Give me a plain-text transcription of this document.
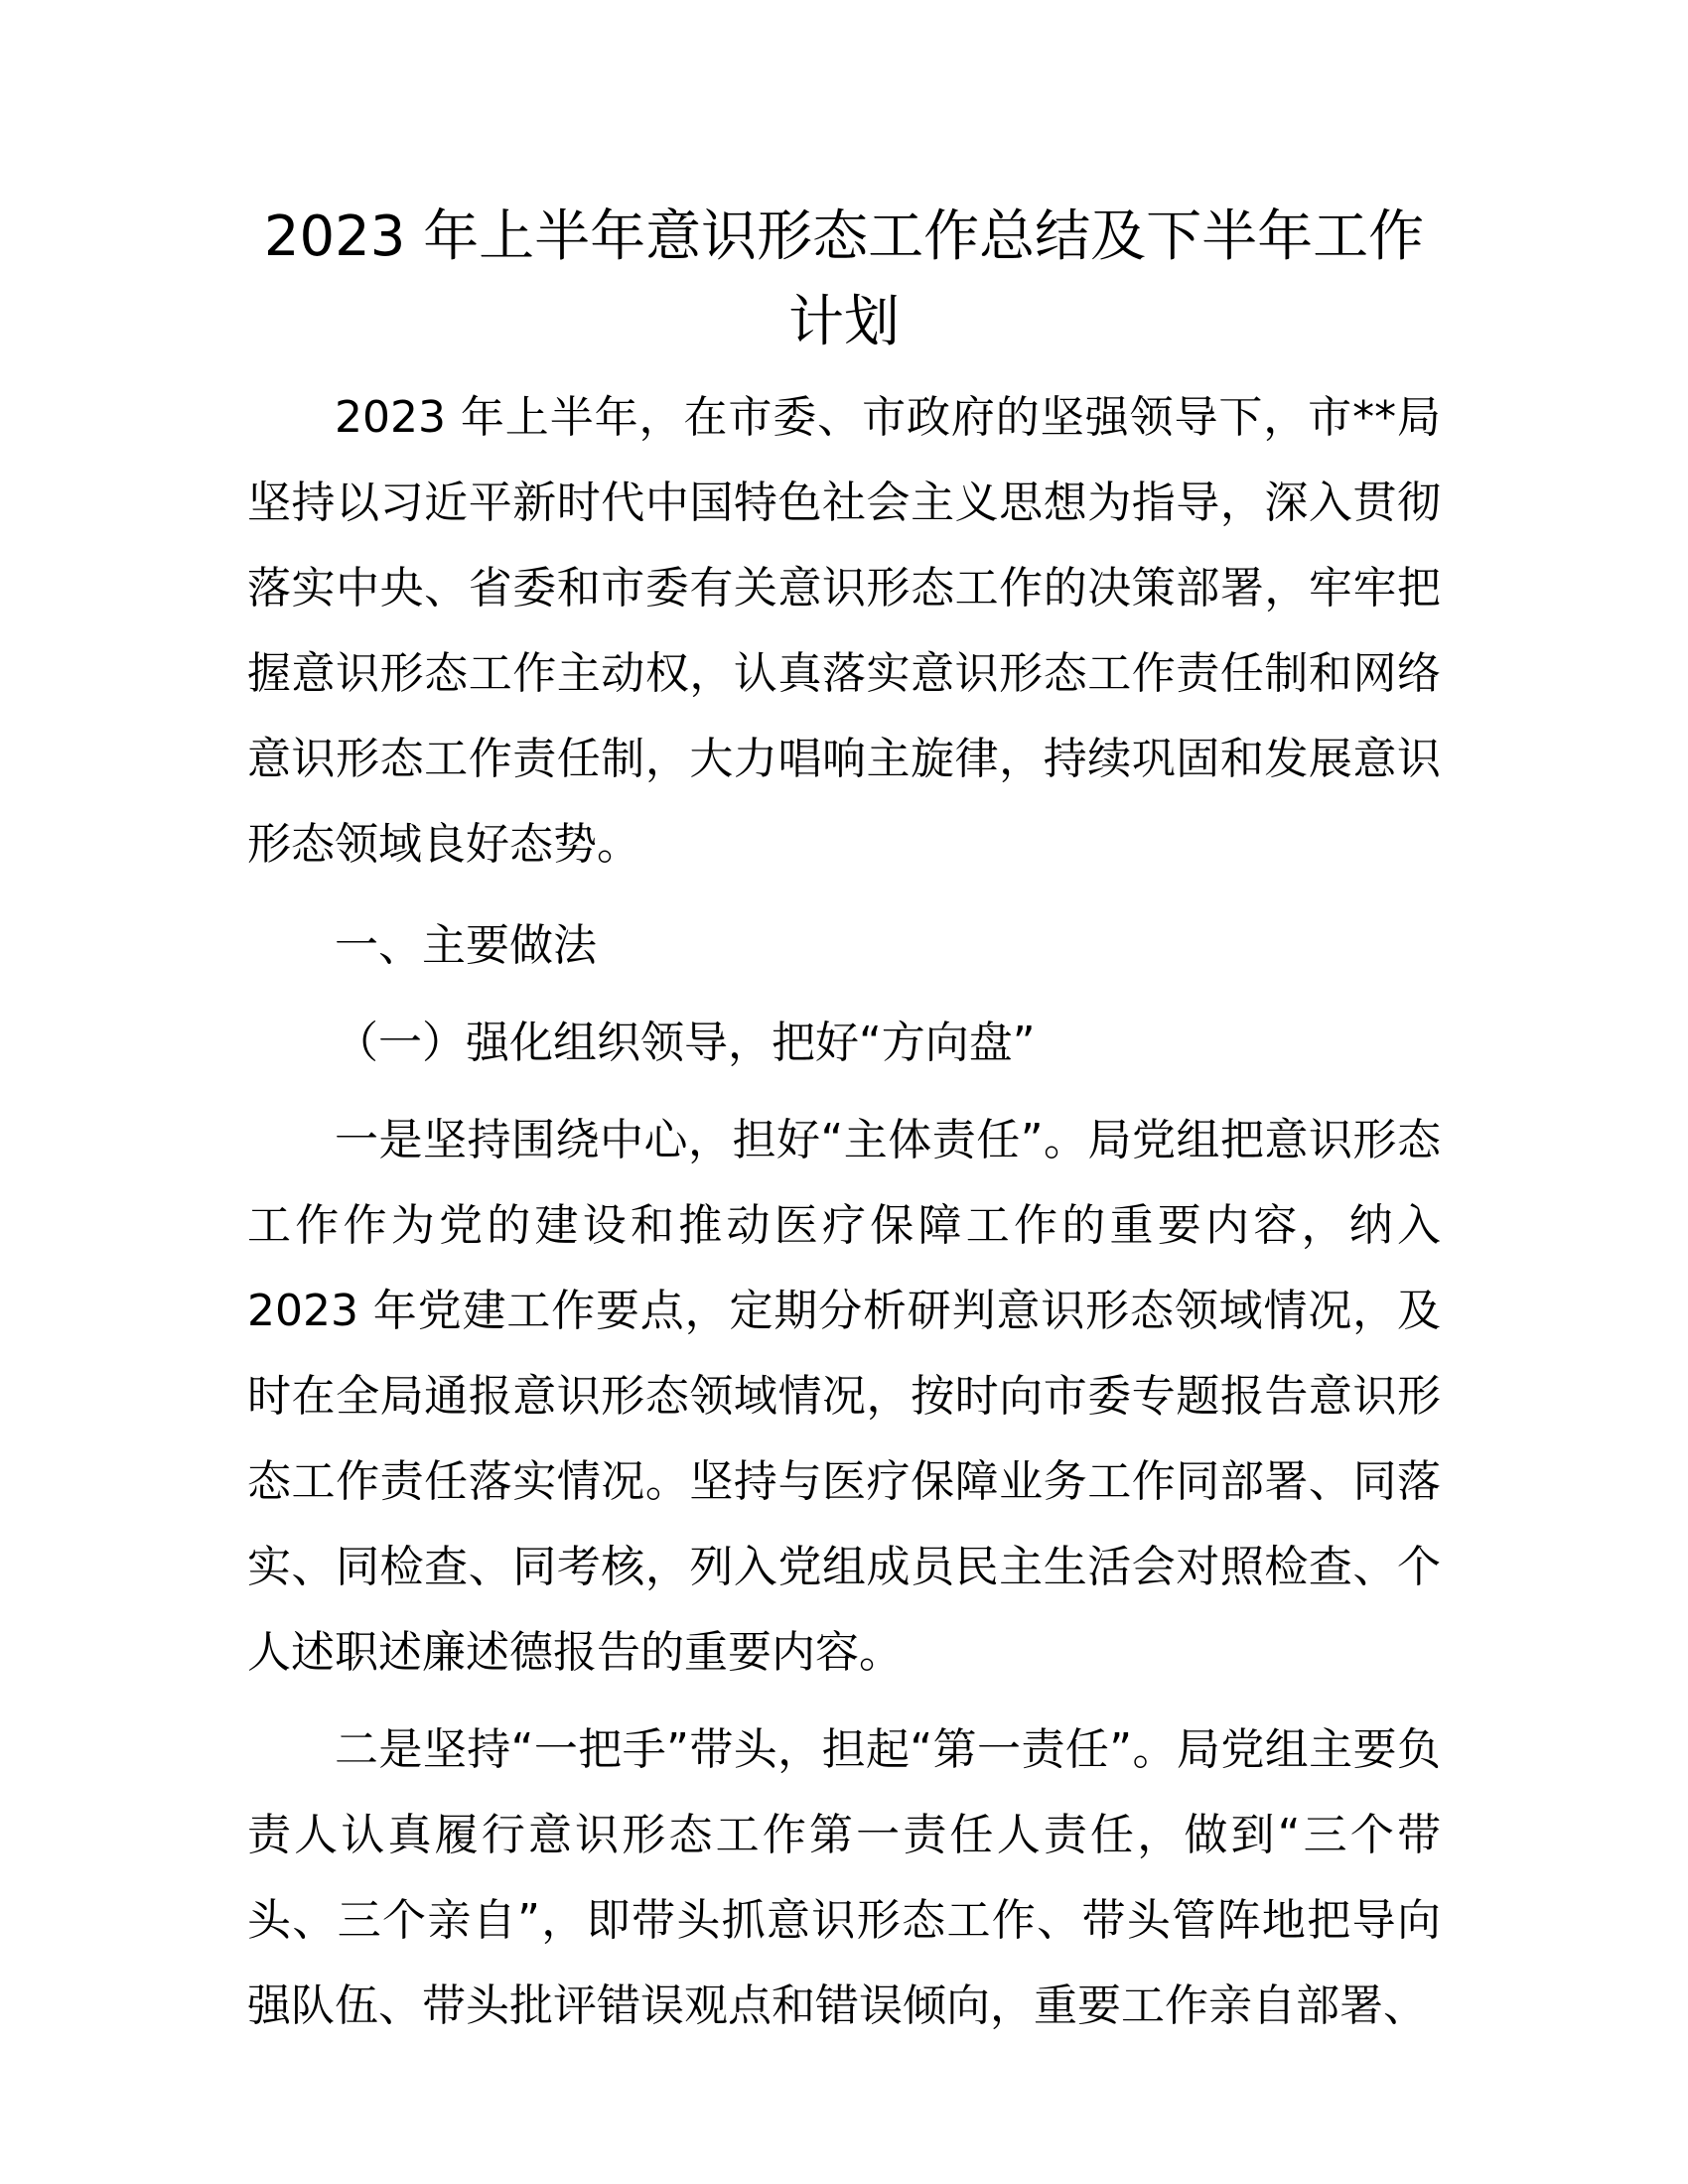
2023 年上半年意识形态工作总结及下半年工作
计划

2023 年上半年，在市委、市政府的坚强领导下，市**局坚持以习近平新时代中国特色社会主义思想为指导，深入贯彻落实中央、省委和市委有关意识形态工作的决策部署，牢牢把握意识形态工作主动权，认真落实意识形态工作责任制和网络意识形态工作责任制，大力唱响主旋律，持续巩固和发展意识形态领域良好态势。

一、主要做法

（一）强化组织领导，把好“方向盘”

一是坚持围绕中心，担好“主体责任”。局党组把意识形态工作作为党的建设和推动医疗保障工作的重要内容，纳入 2023 年党建工作要点，定期分析研判意识形态领域情况，及时在全局通报意识形态领域情况，按时向市委专题报告意识形态工作责任落实情况。坚持与医疗保障业务工作同部署、同落实、同检查、同考核，列入党组成员民主生活会对照检查、个人述职述廉述德报告的重要内容。

二是坚持“一把手”带头，担起“第一责任”。局党组主要负责人认真履行意识形态工作第一责任人责任，做到“三个带头、三个亲自”，即带头抓意识形态工作、带头管阵地把导向强队伍、带头批评错误观点和错误倾向，重要工作亲自部署、
